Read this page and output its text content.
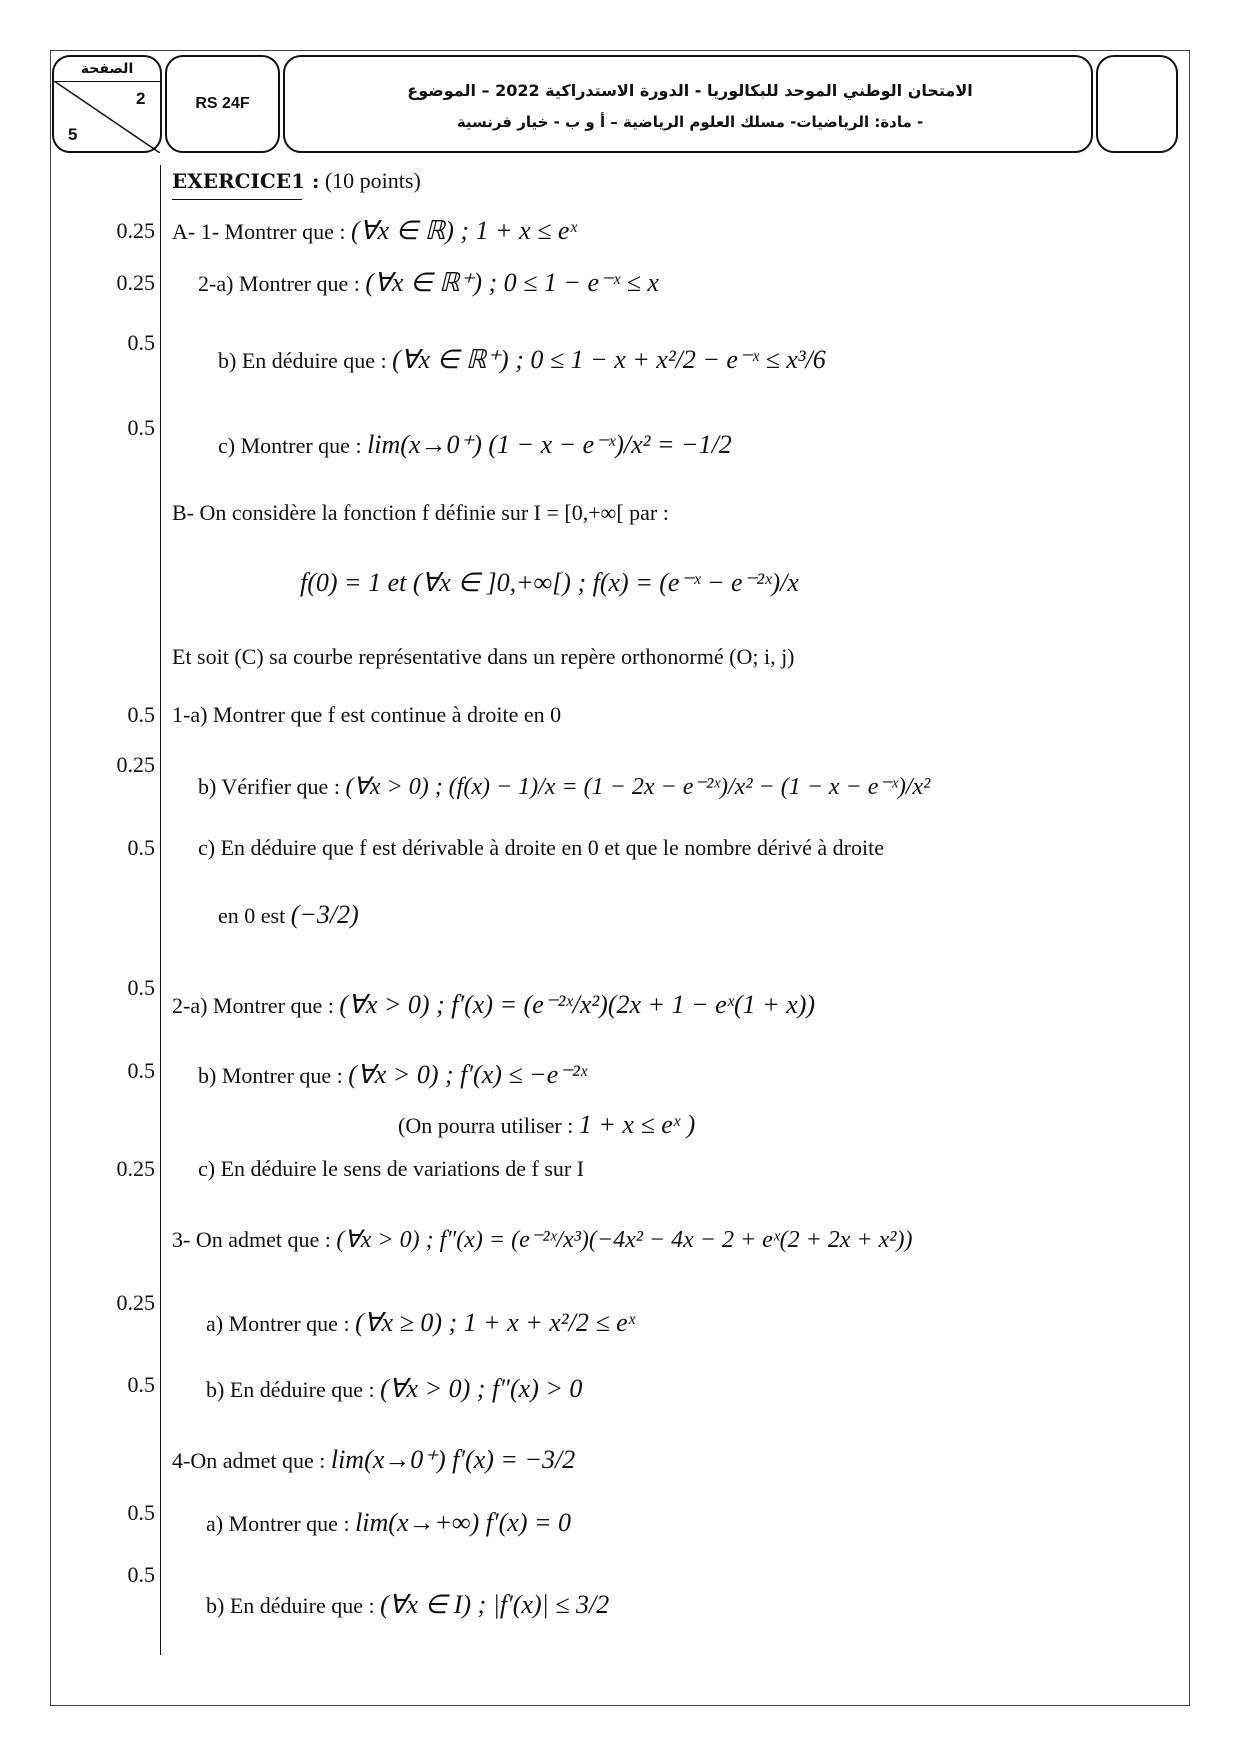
الصفحة
2
5
RS 24F
الامتحان الوطني الموحد للبكالوريا - الدورة الاستدراكية 2022 – الموضوع
- مادة: الرياضيات- مسلك العلوم الرياضية – أ و ب - خيار فرنسية
EXERCICE1 : (10 points)
0.25 A- 1- Montrer que : (∀x ∈ ℝ) ; 1 + x ≤ eˣ
0.25 2-a) Montrer que : (∀x ∈ ℝ⁺) ; 0 ≤ 1 − e⁻ˣ ≤ x
0.5
b) En déduire que : (∀x ∈ ℝ⁺) ; 0 ≤ 1 − x + x²/2 − e⁻ˣ ≤ x³/6
0.5
c) Montrer que : lim(x→0⁺) (1 − x − e⁻ˣ)/x² = −1/2
B- On considère la fonction f définie sur I = [0,+∞[ par :
f(0) = 1 et (∀x ∈ ]0,+∞[) ; f(x) = (e⁻ˣ − e⁻²ˣ)/x
Et soit (C) sa courbe représentative dans un repère orthonormé (O; i, j)
0.5 1-a) Montrer que f est continue à droite en 0
0.25
b) Vérifier que : (∀x > 0) ; (f(x) − 1)/x = (1 − 2x − e⁻²ˣ)/x² − (1 − x − e⁻ˣ)/x²
0.5 c) En déduire que f est dérivable à droite en 0 et que le nombre dérivé à droite
en 0 est (−3/2)
0.5
2-a) Montrer que : (∀x > 0) ; f′(x) = (e⁻²ˣ/x²)(2x + 1 − eˣ(1 + x))
0.5 b) Montrer que : (∀x > 0) ; f′(x) ≤ −e⁻²ˣ
(On pourra utiliser : 1 + x ≤ eˣ )
0.25 c) En déduire le sens de variations de f sur I
3- On admet que : (∀x > 0) ; f″(x) = (e⁻²ˣ/x³)(−4x² − 4x − 2 + eˣ(2 + 2x + x²))
0.25
a) Montrer que : (∀x ≥ 0) ; 1 + x + x²/2 ≤ eˣ
0.5 b) En déduire que : (∀x > 0) ; f″(x) > 0
4-On admet que : lim(x→0⁺) f′(x) = −3/2
0.5 a) Montrer que : lim(x→+∞) f′(x) = 0
0.5
b) En déduire que : (∀x ∈ I) ; |f′(x)| ≤ 3/2
